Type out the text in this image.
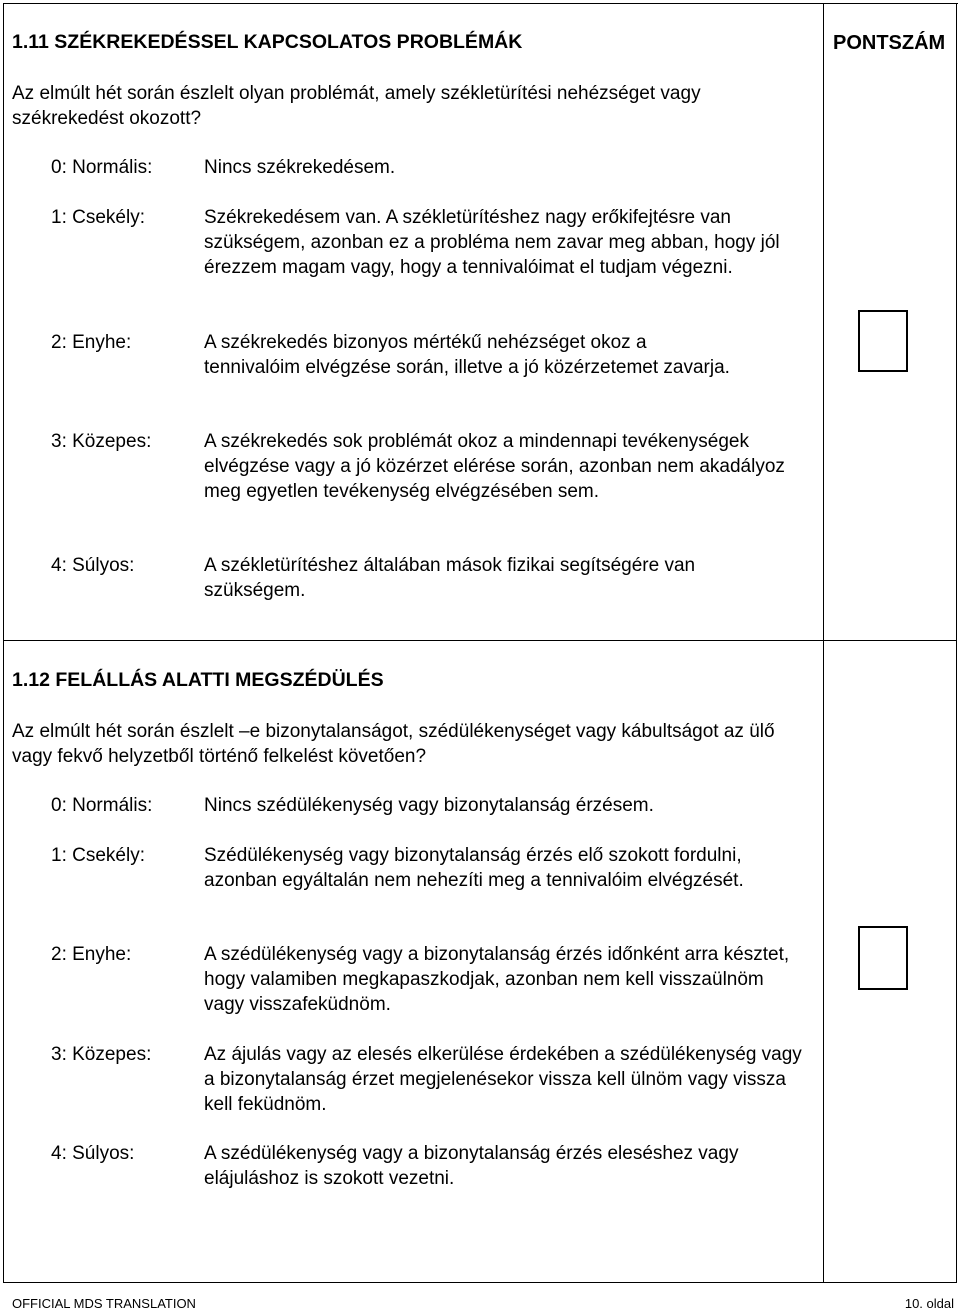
PONTSZÁM
1.11 SZÉKREKEDÉSSEL KAPCSOLATOS PROBLÉMÁK
Az elmúlt hét során észlelt olyan problémát, amely székletürítési nehézséget vagy székrekedést okozott?
0: Normális:	Nincs székrekedésem.
1: Csekély:	Székrekedésem van. A székletürítéshez nagy erőkifejtésre van szükségem, azonban ez a probléma nem zavar meg abban, hogy jól érezzem magam vagy, hogy a tennivalóimat el tudjam végezni.
2: Enyhe:	A székrekedés bizonyos mértékű nehézséget okoz a tennivalóim elvégzése során, illetve a jó közérzetemet zavarja.
3: Közepes:	A székrekedés sok problémát okoz a mindennapi tevékenységek elvégzése vagy a jó közérzet elérése során, azonban nem akadályoz meg egyetlen tevékenység elvégzésében sem.
4: Súlyos:	A székletürítéshez általában mások fizikai segítségére van szükségem.
1.12 FELÁLLÁS ALATTI MEGSZÉDÜLÉS
Az elmúlt hét során észlelt –e bizonytalanságot, szédülékenységet vagy kábultságot az ülő vagy fekvő helyzetből történő felkelést követően?
0: Normális:	Nincs szédülékenység vagy bizonytalanság érzésem.
1: Csekély:	Szédülékenység vagy bizonytalanság érzés elő szokott fordulni, azonban egyáltalán nem nehezíti meg a tennivalóim elvégzését.
2: Enyhe:	A szédülékenység vagy a bizonytalanság érzés időnként arra késztet, hogy valamiben megkapaszkodjak, azonban nem kell visszaülnöm vagy visszafeküdnöm.
3: Közepes:	Az ájulás vagy az elesés elkerülése érdekében a szédülékenység vagy a bizonytalanság érzet megjelenésekor vissza kell ülnöm vagy vissza kell feküdnöm.
4: Súlyos:	A szédülékenység vagy a bizonytalanság érzés eleséshez vagy elájuláshoz is szokott vezetni.
OFFICIAL MDS TRANSLATION	10. oldal
